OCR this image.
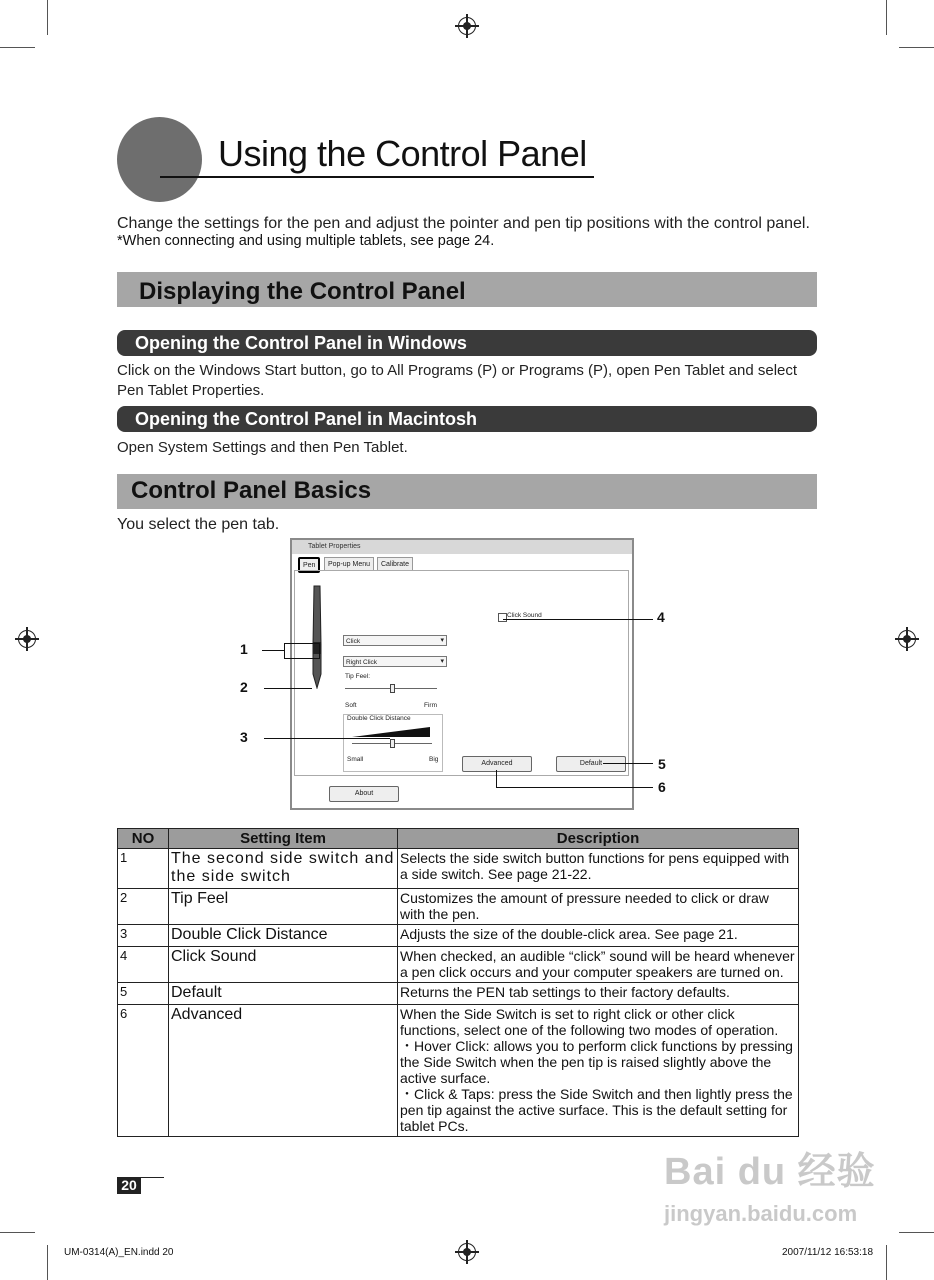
Using the Control Panel
Change the settings for the pen and adjust the pointer and pen tip positions with the control panel.
*When connecting and using multiple tablets, see page 24.
Displaying the Control Panel
Opening the Control Panel in Windows
Click on the Windows Start button, go to All Programs (P) or Programs (P), open Pen Tablet and select Pen Tablet Properties.
Opening the Control Panel in Macintosh
Open System Settings and then Pen Tablet.
Control Panel Basics
You select the pen tab.
Tablet Properties
Pen	Pop-up Menu	Calibrate
Click Sound
Click ▾
Right Click ▾
Tip Feel:
Soft	Firm
Double Click Distance
Small	Big
Advanced	Default
About
1
2
3
4
5
6
NO	Setting Item	Description
1	The second side switch and the side switch	Selects the side switch button functions for pens equipped with a side switch. See page 21-22.
2	Tip Feel	Customizes the amount of pressure needed to click or draw with the pen.
3	Double Click Distance	Adjusts the size of the double-click area. See page 21.
4	Click Sound	When checked, an audible “click” sound will be heard whenever a pen click occurs and your computer speakers are turned on.
5	Default	Returns the PEN tab settings to their factory defaults.
6	Advanced	When the Side Switch is set to right click or other click functions, select one of the following two modes of operation.
・Hover Click: allows you to perform click functions by pressing the Side Switch when the pen tip is raised slightly above the active surface.
・Click & Taps: press the Side Switch and then lightly press the pen tip against the active surface. This is the default setting for tablet PCs.
20	Bai du 经验
jingyan.baidu.com
UM-0314(A)_EN.indd 20	2007/11/12 16:53:18
